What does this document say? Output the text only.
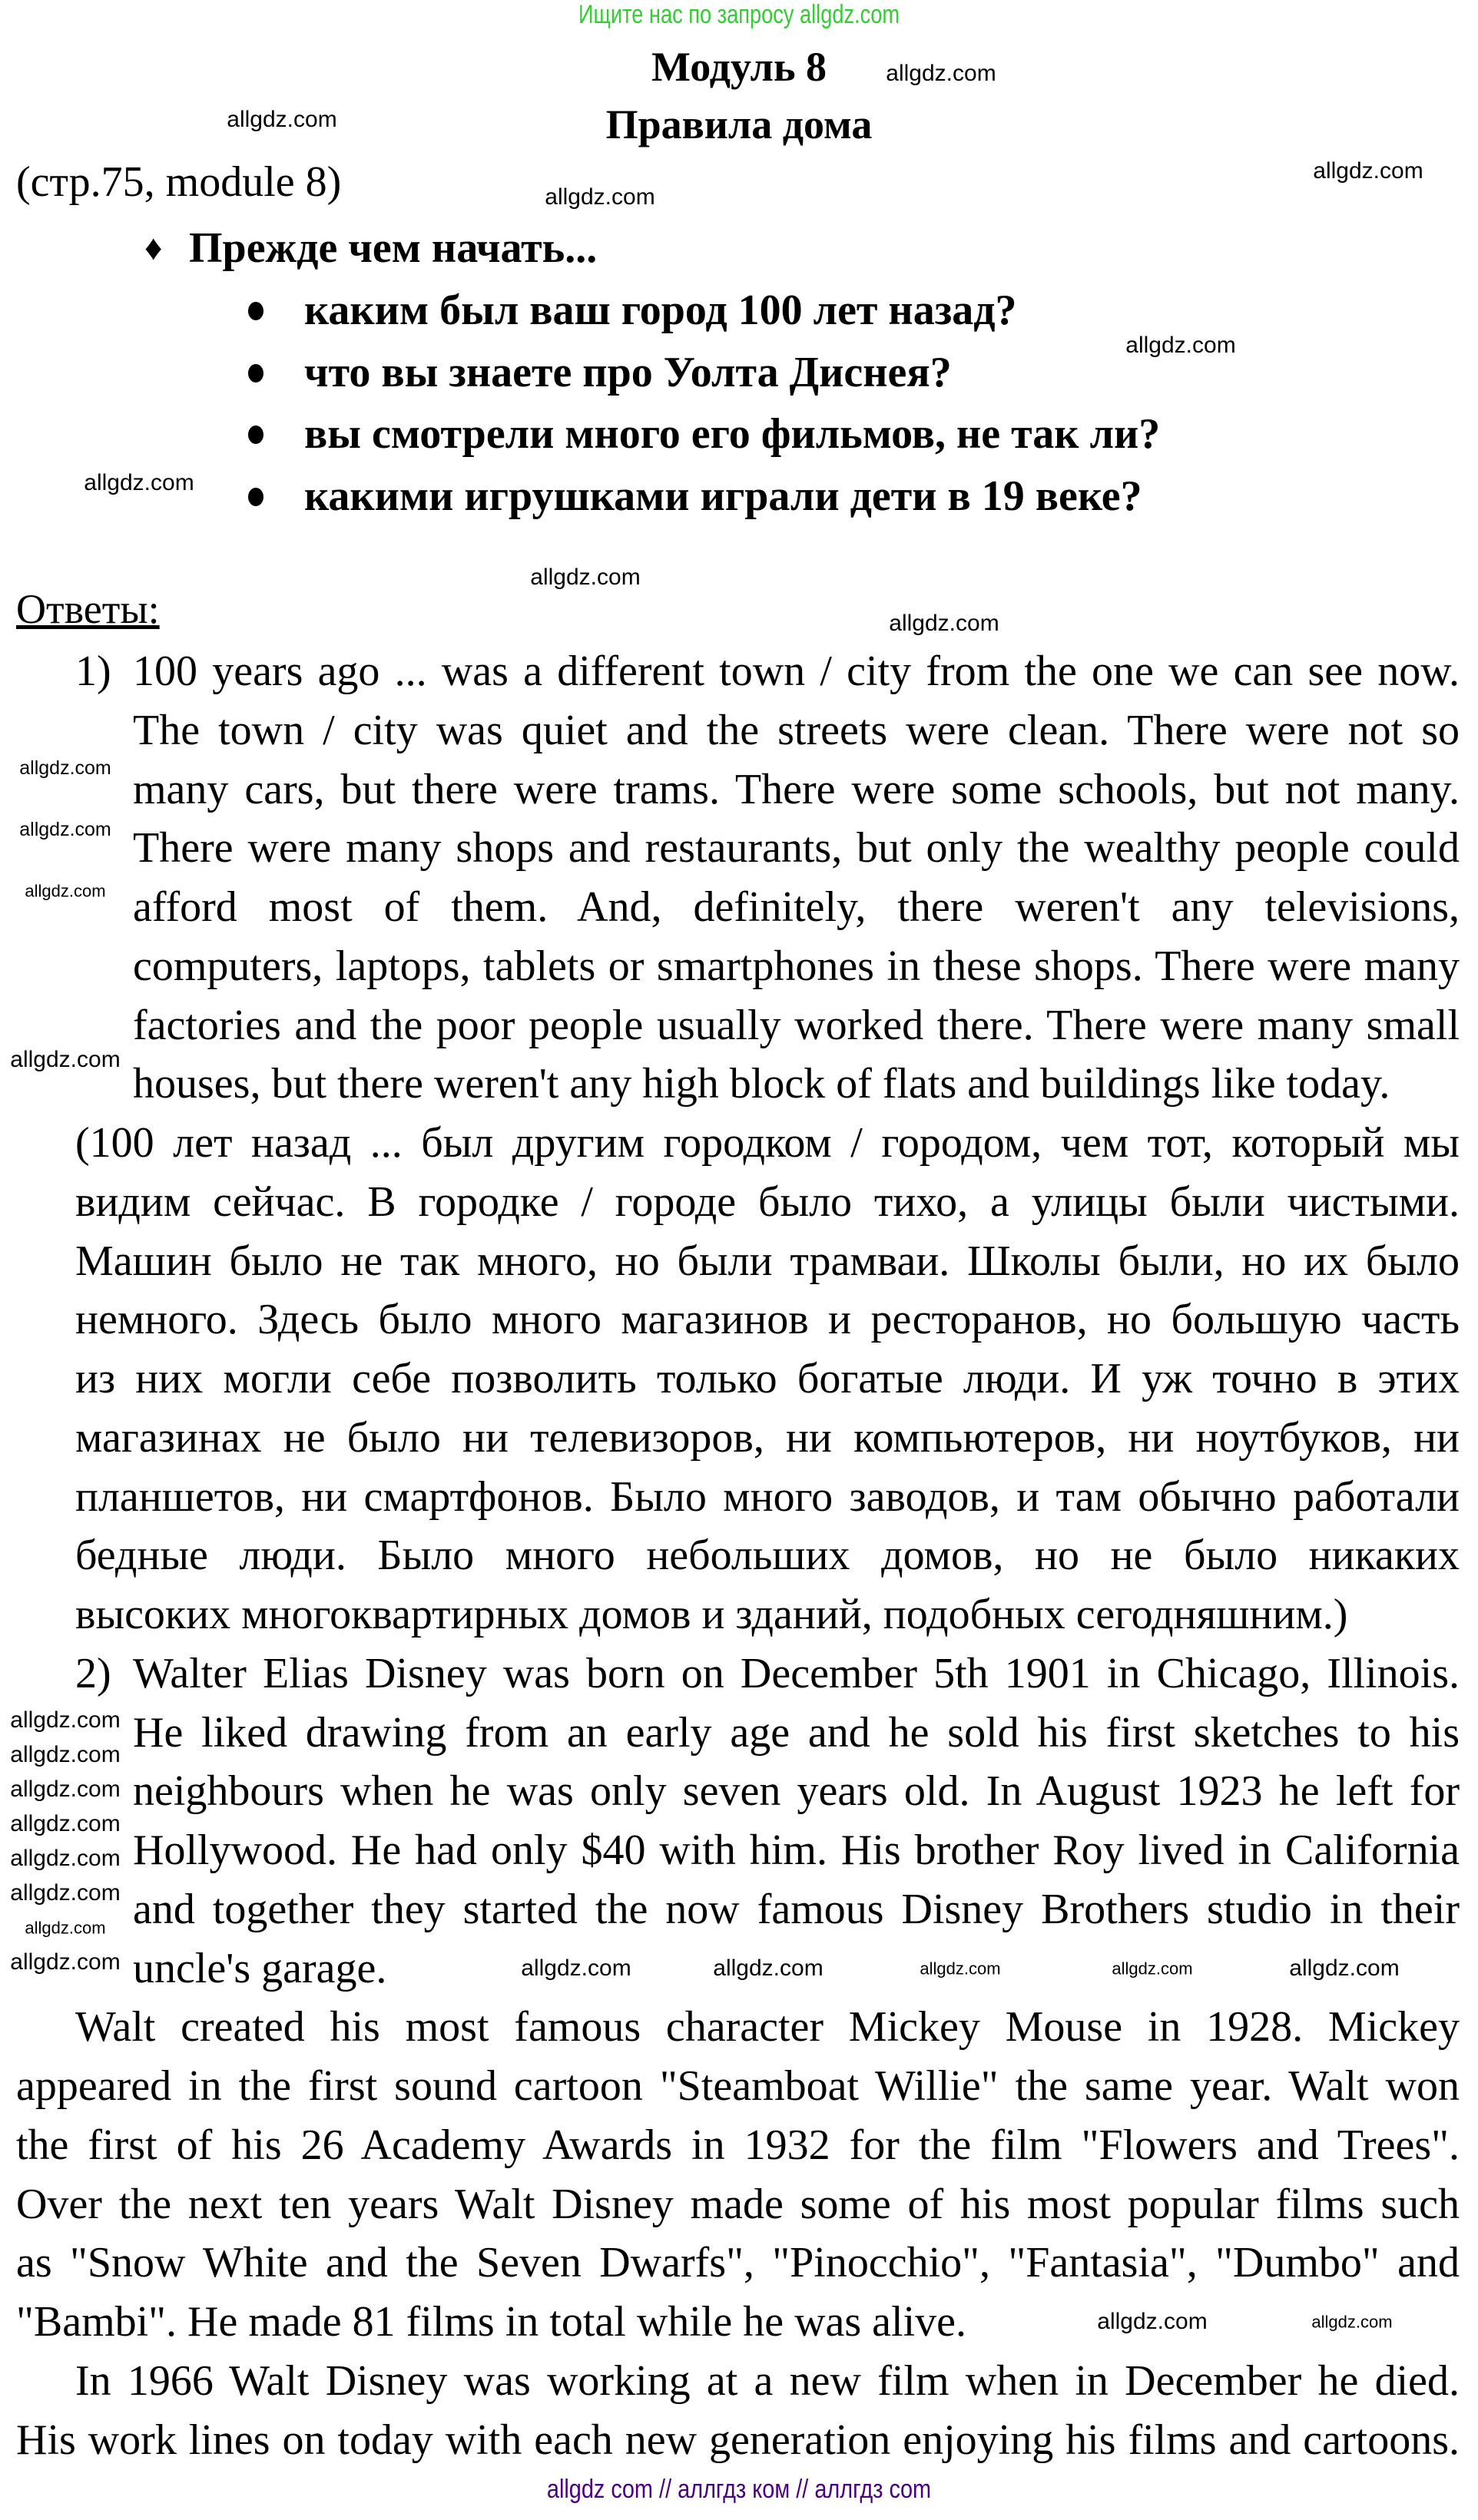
Ищите нас по запросу allgdz.com
Модуль 8
Правила дома
(стр.75, module 8)
♦ Прежде чем начать...
каким был ваш город 100 лет назад?
что вы знаете про Уолта Диснея?
вы смотрели много его фильмов, не так ли?
какими игрушками играли дети в 19 веке?
Ответы:
1)
2)
100 years ago ... was a different town / city from the one we can see now.
The town / city was quiet and the streets were clean. There were not so
many cars, but there were trams. There were some schools, but not many.
There were many shops and restaurants, but only the wealthy people could
afford most of them. And, definitely, there weren't any televisions,
computers, laptops, tablets or smartphones in these shops. There were many
factories and the poor people usually worked there. There were many small
houses, but there weren't any high block of flats and buildings like today.
(100 лет назад ... был другим городком / городом, чем тот, который мы
видим сейчас. В городке / городе было тихо, а улицы были чистыми.
Машин было не так много, но были трамваи. Школы были, но их было
немного. Здесь было много магазинов и ресторанов, но большую часть
из них могли себе позволить только богатые люди. И уж точно в этих
магазинах не было ни телевизоров, ни компьютеров, ни ноутбуков, ни
планшетов, ни смартфонов. Было много заводов, и там обычно работали
бедные люди. Было много небольших домов, но не было никаких
высоких многоквартирных домов и зданий, подобных сегодняшним.)
Walter Elias Disney was born on December 5th 1901 in Chicago, Illinois.
He liked drawing from an early age and he sold his first sketches to his
neighbours when he was only seven years old. In August 1923 he left for
Hollywood. He had only $40 with him. His brother Roy lived in California
and together they started the now famous Disney Brothers studio in their
uncle's garage.
Walt created his most famous character Mickey Mouse in 1928. Mickey
appeared in the first sound cartoon "Steamboat Willie" the same year. Walt won
the first of his 26 Academy Awards in 1932 for the film "Flowers and Trees".
Over the next ten years Walt Disney made some of his most popular films such
as "Snow White and the Seven Dwarfs", "Pinocchio", "Fantasia", "Dumbo" and
"Bambi". He made 81 films in total while he was alive.
In 1966 Walt Disney was working at a new film when in December he died.
His work lines on today with each new generation enjoying his films and cartoons.
allgdz.com
allgdz.com
allgdz.com
allgdz.com
allgdz.com
allgdz.com
allgdz.com
allgdz.com
allgdz.com
allgdz.com
allgdz.com
allgdz.com
allgdz.com
allgdz.com
allgdz.com
allgdz.com
allgdz.com
allgdz.com
allgdz.com
allgdz.com	allgdz.com	allgdz.com	allgdz.com	allgdz.com	allgdz.com
allgdz.com	allgdz.com
allgdz com // аллгдз ком // аллгдз com
